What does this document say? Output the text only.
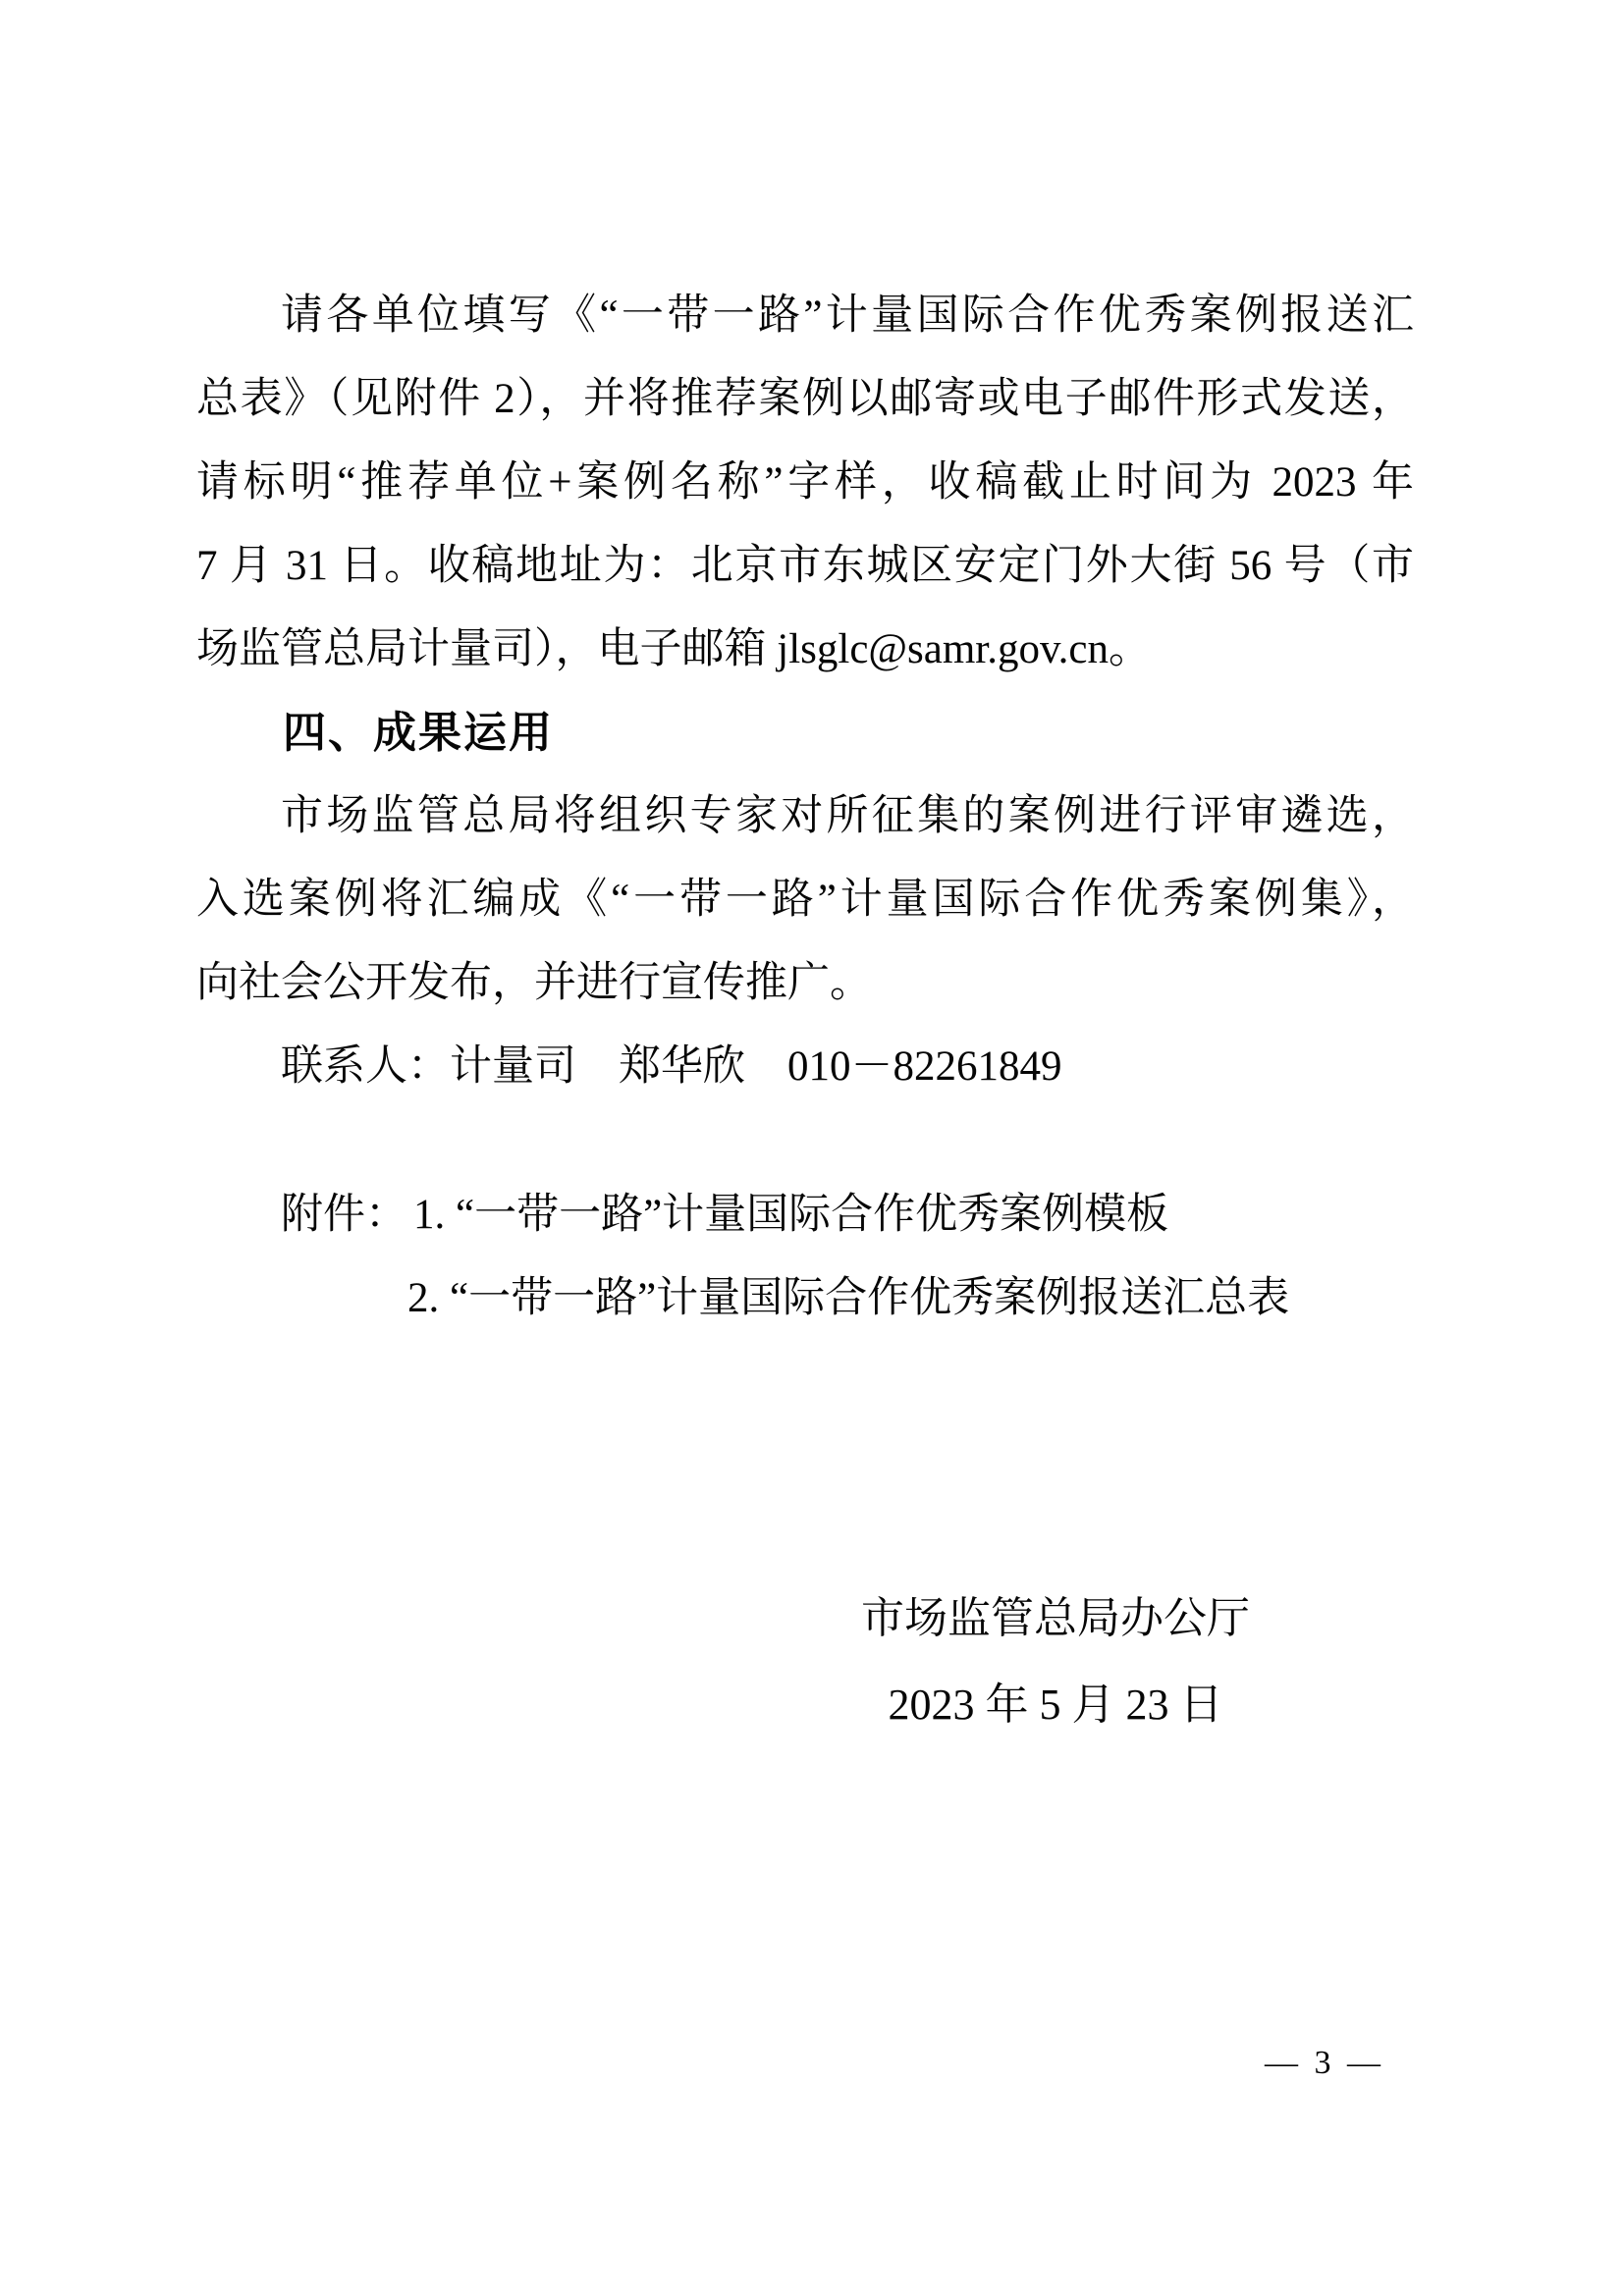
请各单位填写《“一带一路”计量国际合作优秀案例报送汇
总表》（见附件 2），并将推荐案例以邮寄或电子邮件形式发送，
请标明“推荐单位+案例名称”字样，收稿截止时间为 2023 年
7 月 31 日。收稿地址为：北京市东城区安定门外大街 56 号（市
场监管总局计量司），电子邮箱 jlsglc@samr.gov.cn。
四、成果运用
市场监管总局将组织专家对所征集的案例进行评审遴选，
入选案例将汇编成《“一带一路”计量国际合作优秀案例集》，
向社会公开发布，并进行宣传推广。
联系人：计量司　郑华欣　010－82261849
附件： 1. “一带一路”计量国际合作优秀案例模板
2. “一带一路”计量国际合作优秀案例报送汇总表
市场监管总局办公厅
2023 年 5 月 23 日
— 3 —
